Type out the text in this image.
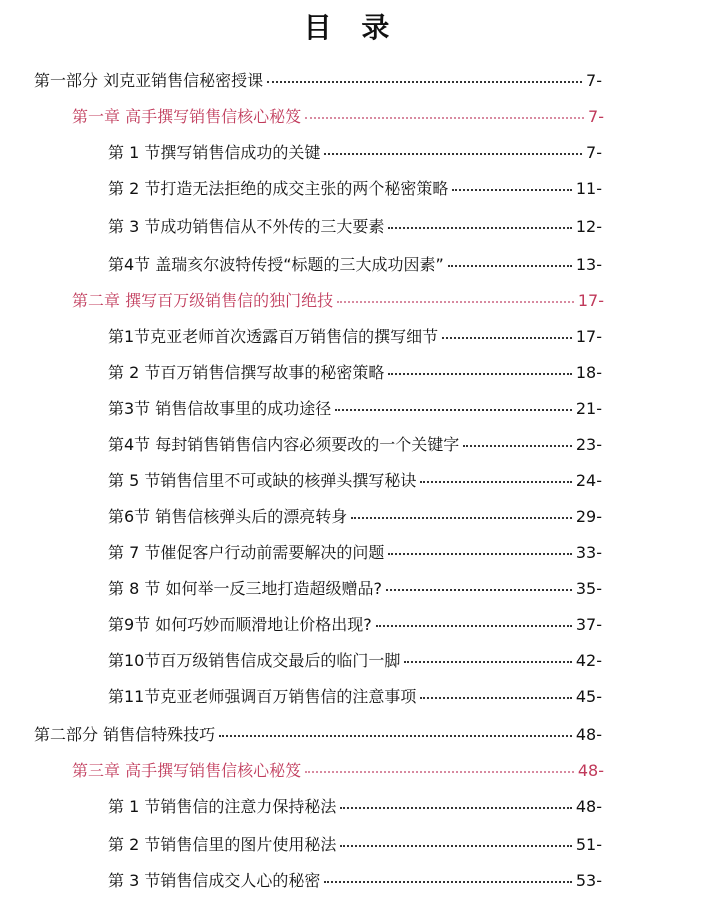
目 录
第一部分 刘克亚销售信秘密授课	7-
第一章 高手撰写销售信核心秘笈	7-
第 1 节撰写销售信成功的关键	7-
第 2 节打造无法拒绝的成交主张的两个秘密策略	11-
第 3 节成功销售信从不外传的三大要素	12-
第4节 盖瑞亥尔波特传授“标题的三大成功因素”	13-
第二章 撰写百万级销售信的独门绝技	17-
第1节克亚老师首次透露百万销售信的撰写细节	17-
第 2 节百万销售信撰写故事的秘密策略	18-
第3节 销售信故事里的成功途径	21-
第4节 每封销售销售信内容必须要改的一个关键字	23-
第 5 节销售信里不可或缺的核弹头撰写秘诀	24-
第6节 销售信核弹头后的漂亮转身	29-
第 7 节催促客户行动前需要解决的问题	33-
第 8 节 如何举一反三地打造超级赠品?	35-
第9节 如何巧妙而顺滑地让价格出现?	37-
第10节百万级销售信成交最后的临门一脚	42-
第11节克亚老师强调百万销售信的注意事项	45-
第二部分 销售信特殊技巧	48-
第三章 高手撰写销售信核心秘笈	48-
第 1 节销售信的注意力保持秘法	48-
第 2 节销售信里的图片使用秘法	51-
第 3 节销售信成交人心的秘密	53-
